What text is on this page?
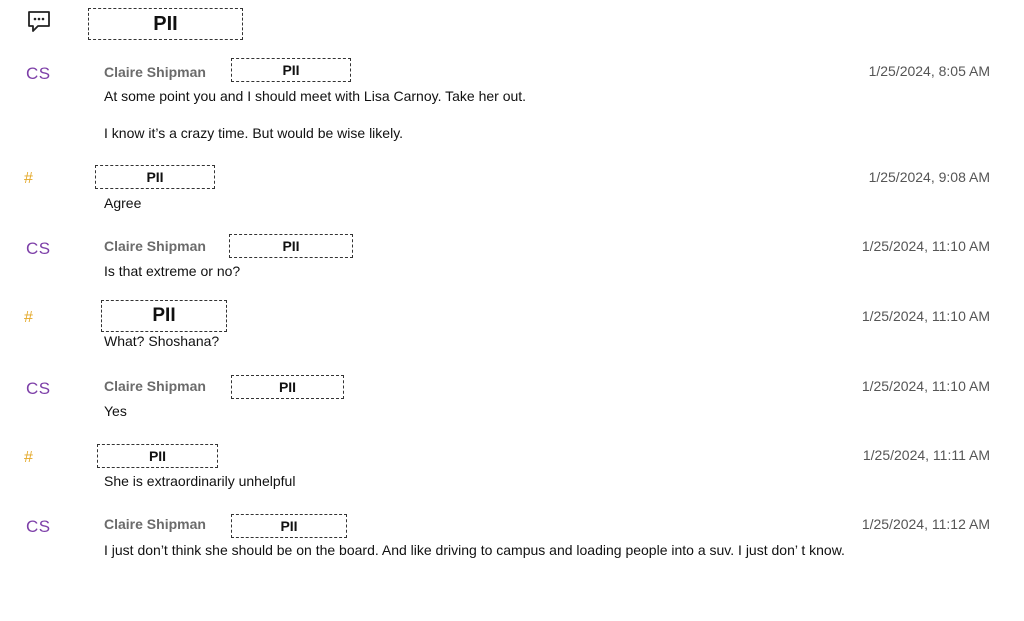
PII
CS	Claire Shipman	PII	1/25/2024, 8:05 AM
At some point you and I should meet with Lisa Carnoy. Take her out.
I know it’s a crazy time. But would be wise likely.
#	PII	1/25/2024, 9:08 AM
Agree
CS	Claire Shipman	PII	1/25/2024, 11:10 AM
Is that extreme or no?
#	PII	1/25/2024, 11:10 AM
What? Shoshana?
CS	Claire Shipman	PII	1/25/2024, 11:10 AM
Yes
#	PII	1/25/2024, 11:11 AM
She is extraordinarily unhelpful
CS	Claire Shipman	PII	1/25/2024, 11:12 AM
I just don’t think she should be on the board. And like driving to campus and loading people into a suv. I just don’ t know.
